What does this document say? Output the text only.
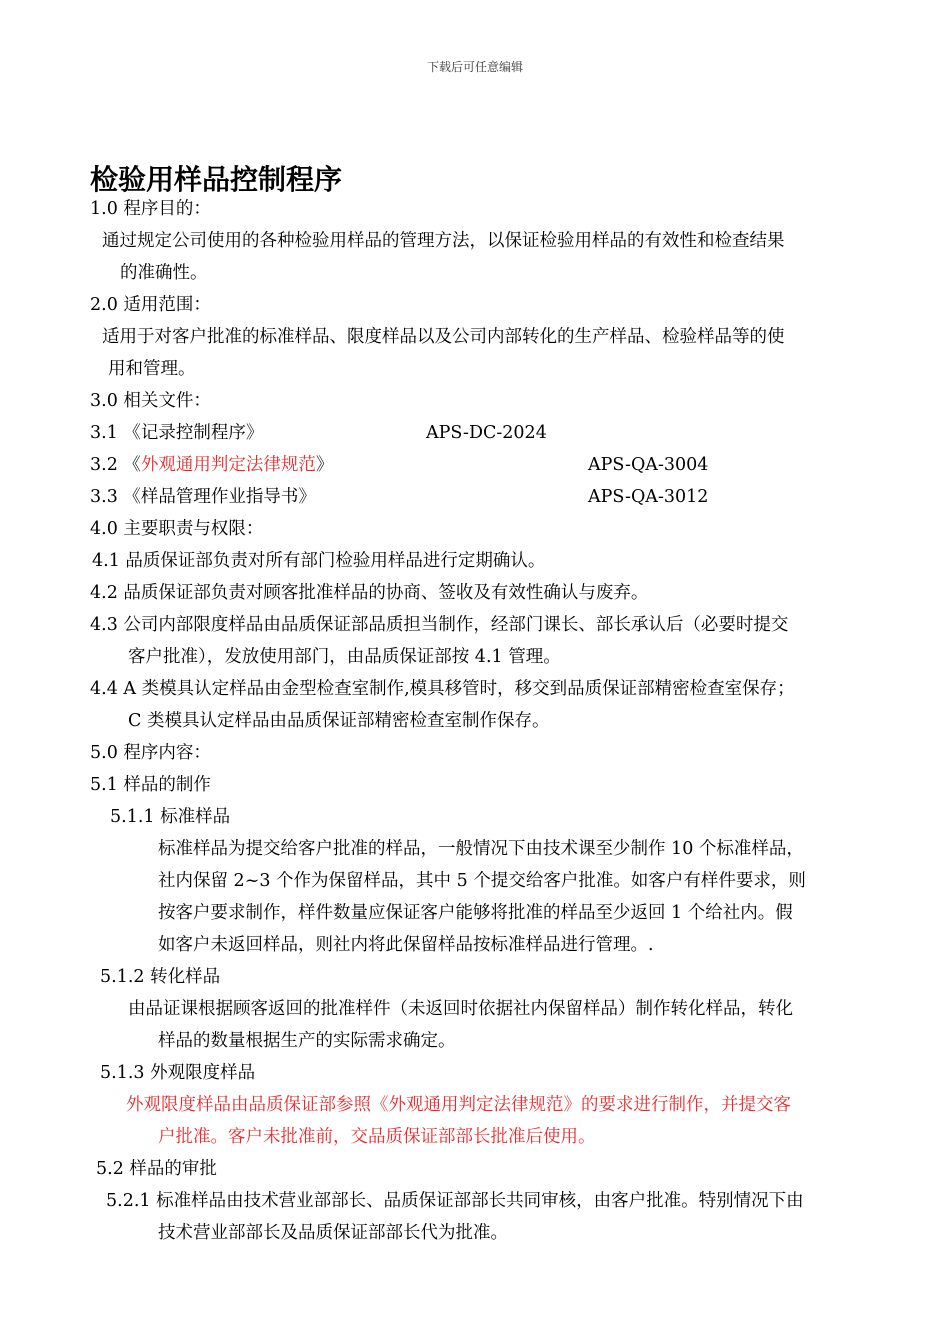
下载后可任意编辑
检验用样品控制程序
1.0 程序目的：
通过规定公司使用的各种检验用样品的管理方法，以保证检验用样品的有效性和检查结果
的准确性。
2.0 适用范围：
适用于对客户批准的标准样品、限度样品以及公司内部转化的生产样品、检验样品等的使
用和管理。
3.0 相关文件：
3.1 《记录控制程序》	APS-DC-2024
3.2 《外观通用判定法律规范》	APS-QA-3004
3.3 《样品管理作业指导书》	APS-QA-3012
4.0 主要职责与权限：
4.1 品质保证部负责对所有部门检验用样品进行定期确认。
4.2 品质保证部负责对顾客批准样品的协商、签收及有效性确认与废弃。
4.3 公司内部限度样品由品质保证部品质担当制作，经部门课长、部长承认后（必要时提交
客户批准），发放使用部门，由品质保证部按 4.1 管理。
4.4 A 类模具认定样品由金型检查室制作,模具移管时，移交到品质保证部精密检查室保存；
C 类模具认定样品由品质保证部精密检查室制作保存。
5.0 程序内容：
5.1 样品的制作
5.1.1 标准样品
标准样品为提交给客户批准的样品，一般情况下由技术课至少制作 10 个标准样品，
社内保留 2~3 个作为保留样品，其中 5 个提交给客户批准。如客户有样件要求，则
按客户要求制作，样件数量应保证客户能够将批准的样品至少返回 1 个给社内。假
如客户未返回样品，则社内将此保留样品按标准样品进行管理。.
5.1.2 转化样品
由品证课根据顾客返回的批准样件（未返回时依据社内保留样品）制作转化样品，转化
样品的数量根据生产的实际需求确定。
5.1.3 外观限度样品
外观限度样品由品质保证部参照《外观通用判定法律规范》的要求进行制作，并提交客
户批准。客户未批准前，交品质保证部部长批准后使用。
5.2 样品的审批
5.2.1 标准样品由技术营业部部长、品质保证部部长共同审核，由客户批准。特别情况下由
技术营业部部长及品质保证部部长代为批准。
